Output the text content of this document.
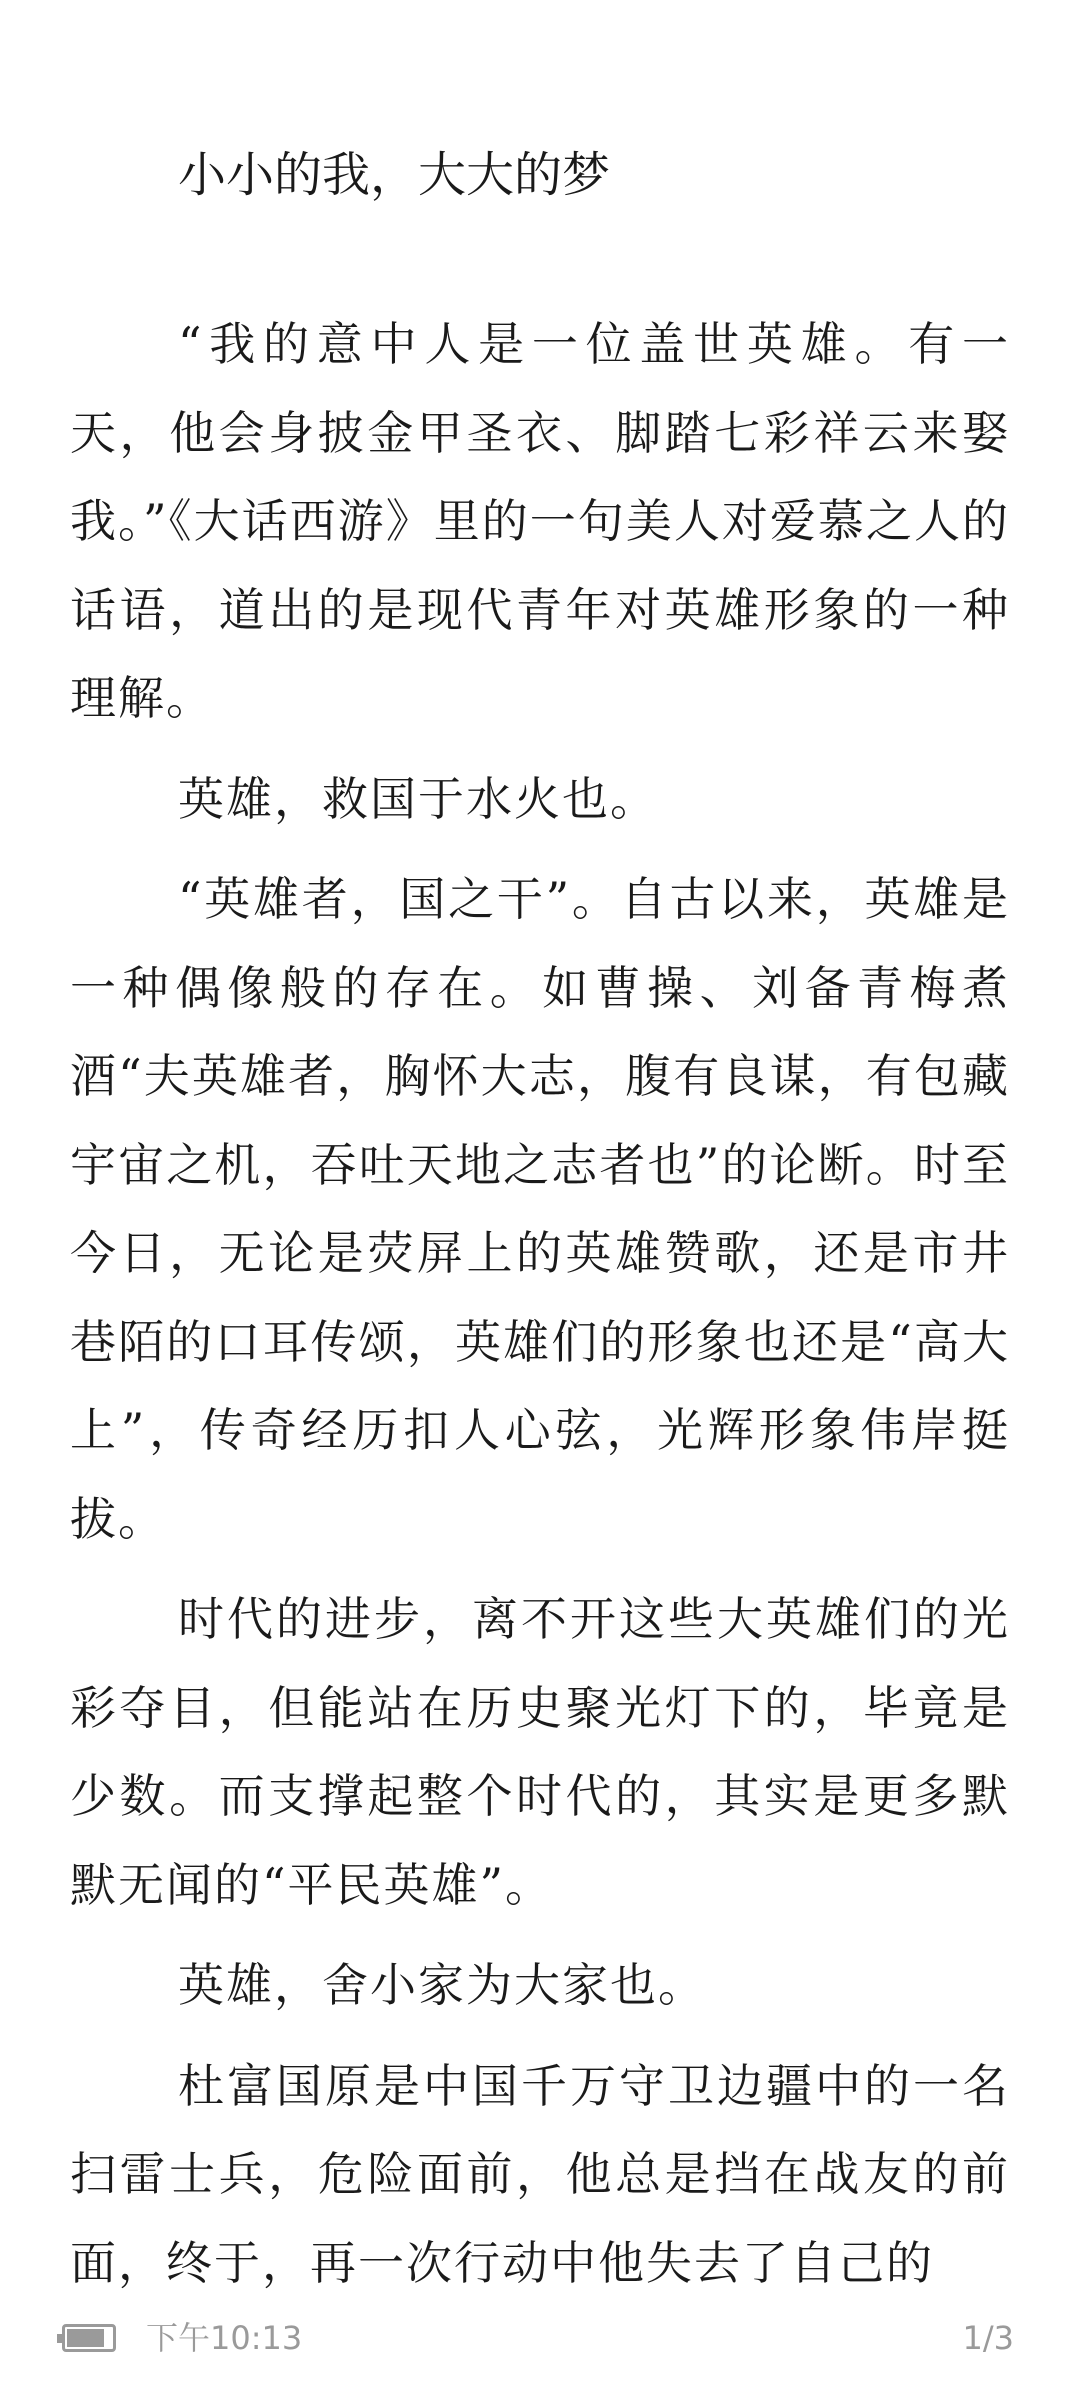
小小的我，大大的梦

“我的意中人是一位盖世英雄。有一天，他会身披金甲圣衣、脚踏七彩祥云来娶我。”《大话西游》里的一句美人对爱慕之人的话语，道出的是现代青年对英雄形象的一种理解。

英雄，救国于水火也。

“英雄者，国之干”。自古以来，英雄是一种偶像般的存在。如曹操、刘备青梅煮酒“夫英雄者，胸怀大志，腹有良谋，有包藏宇宙之机，吞吐天地之志者也”的论断。时至今日，无论是荧屏上的英雄赞歌，还是市井巷陌的口耳传颂，英雄们的形象也还是“高大上”，传奇经历扣人心弦，光辉形象伟岸挺拔。

时代的进步，离不开这些大英雄们的光彩夺目，但能站在历史聚光灯下的，毕竟是少数。而支撑起整个时代的，其实是更多默默无闻的“平民英雄”。

英雄，舍小家为大家也。

杜富国原是中国千万守卫边疆中的一名扫雷士兵，危险面前，他总是挡在战友的前面，终于，再一次行动中他失去了自己的

下午10:13	1/3
